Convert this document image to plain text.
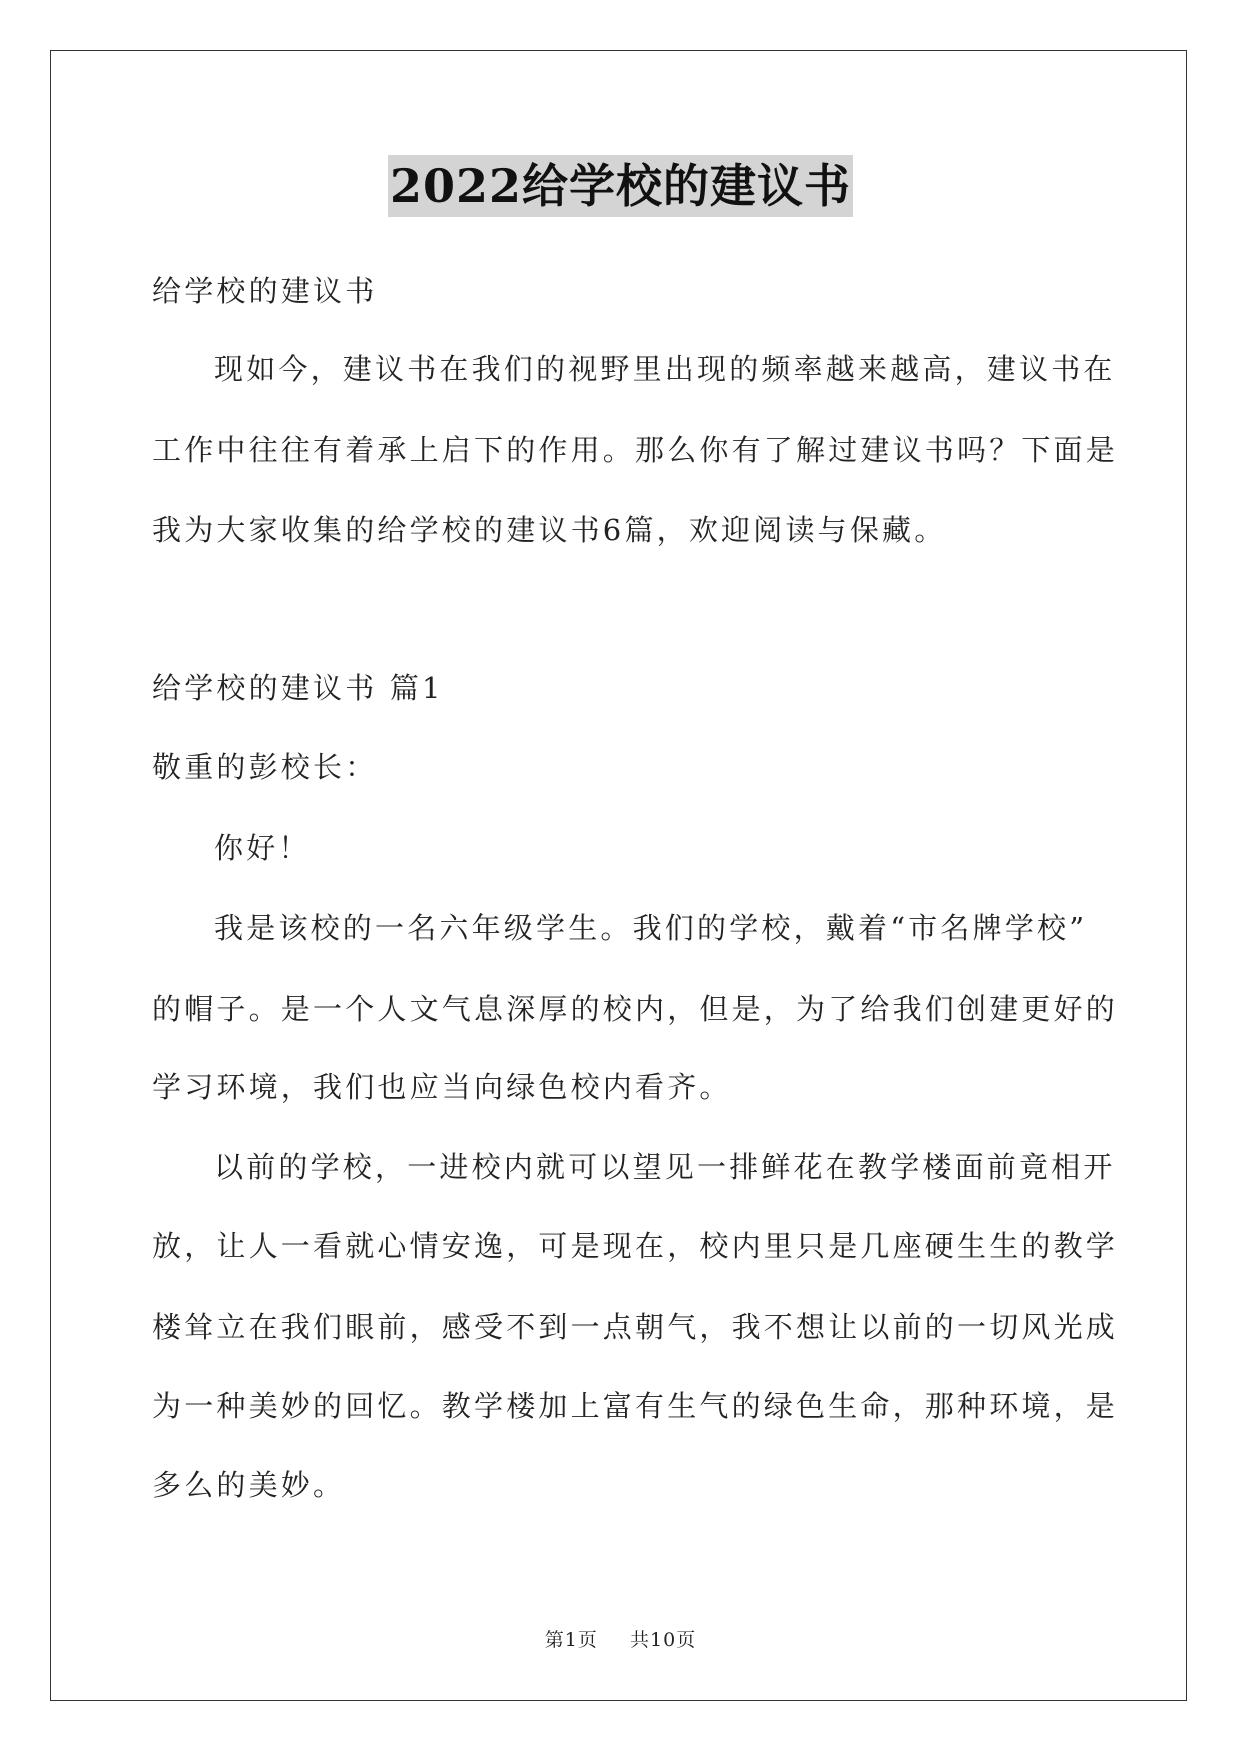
2022给学校的建议书
给学校的建议书
现如今，建议书在我们的视野里出现的频率越来越高，建议书在
工作中往往有着承上启下的作用。那么你有了解过建议书吗？下面是
我为大家收集的给学校的建议书6篇，欢迎阅读与保藏。
给学校的建议书 篇1
敬重的彭校长：
你好！
我是该校的一名六年级学生。我们的学校，戴着“市名牌学校”
的帽子。是一个人文气息深厚的校内，但是，为了给我们创建更好的
学习环境，我们也应当向绿色校内看齐。
以前的学校，一进校内就可以望见一排鲜花在教学楼面前竟相开
放，让人一看就心情安逸，可是现在，校内里只是几座硬生生的教学
楼耸立在我们眼前，感受不到一点朝气，我不想让以前的一切风光成
为一种美妙的回忆。教学楼加上富有生气的绿色生命，那种环境，是
多么的美妙。
第1页 共10页
